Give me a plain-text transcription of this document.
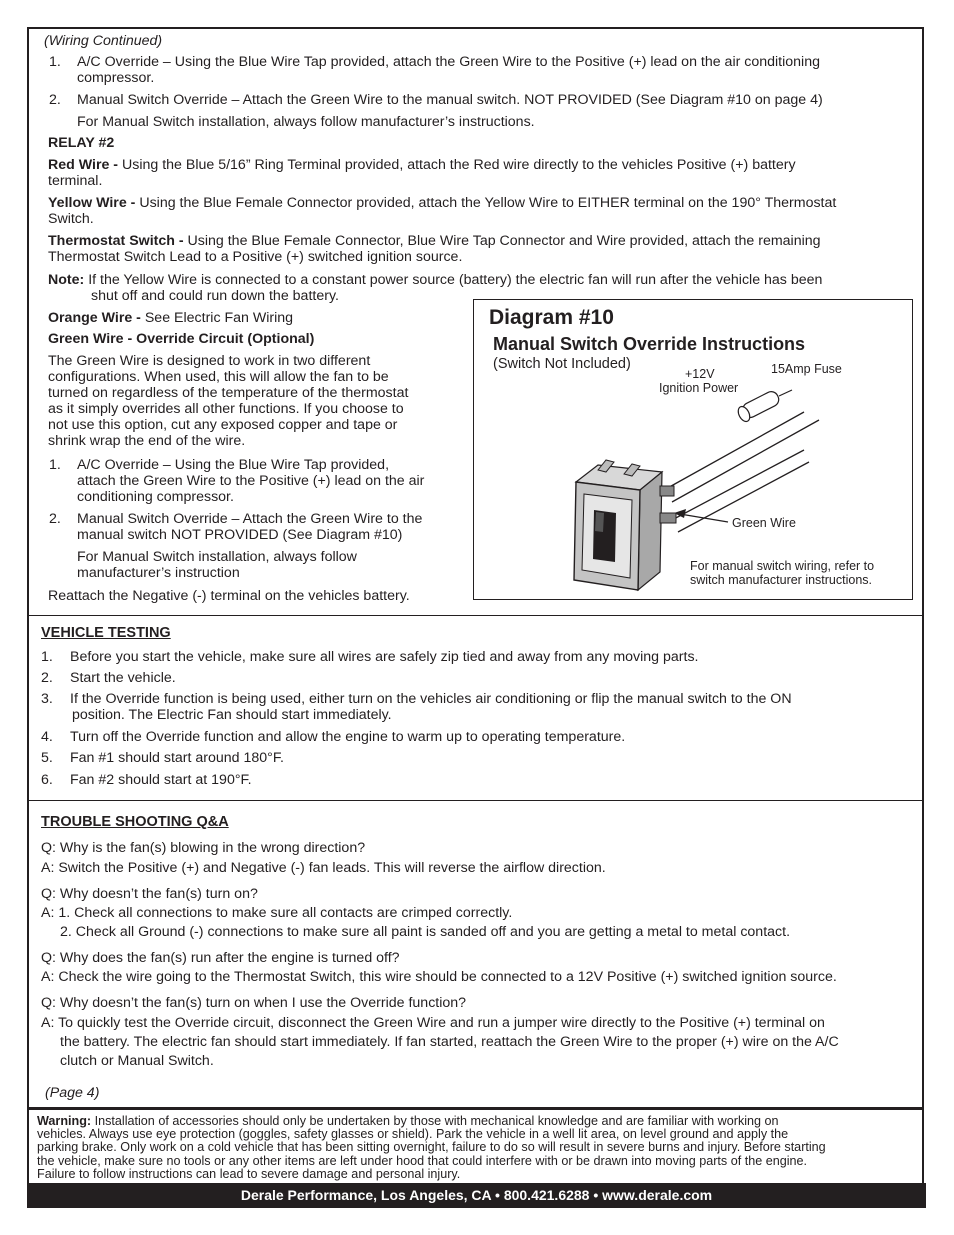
(Wiring Continued)
1. A/C Override – Using the Blue Wire Tap provided, attach the Green Wire to the Positive (+) lead on the air conditioning
compressor.
2. Manual Switch Override – Attach the Green Wire to the manual switch. NOT PROVIDED (See Diagram #10 on page 4)
For Manual Switch installation, always follow manufacturer’s instructions.
RELAY #2
Red Wire - Using the Blue 5/16” Ring Terminal provided, attach the Red wire directly to the vehicles Positive (+) battery
terminal.
Yellow Wire - Using the Blue Female Connector provided, attach the Yellow Wire to EITHER terminal on the 190° Thermostat
Switch.
Thermostat Switch - Using the Blue Female Connector, Blue Wire Tap Connector and Wire provided, attach the remaining
Thermostat Switch Lead to a Positive (+) switched ignition source.
Note: If the Yellow Wire is connected to a constant power source (battery) the electric fan will run after the vehicle has been
shut off and could run down the battery.
Orange Wire - See Electric Fan Wiring
Green Wire - Override Circuit (Optional)
The Green Wire is designed to work in two different
configurations. When used, this will allow the fan to be
turned on regardless of the temperature of the thermostat
as it simply overrides all other functions. If you choose to
not use this option, cut any exposed copper and tape or
shrink wrap the end of the wire.
1. A/C Override – Using the Blue Wire Tap provided,
attach the Green Wire to the Positive (+) lead on the air
conditioning compressor.
2. Manual Switch Override – Attach the Green Wire to the
manual switch NOT PROVIDED (See Diagram #10)
For Manual Switch installation, always follow
manufacturer’s instruction
Reattach the Negative (-) terminal on the vehicles battery.
Diagram #10
Manual Switch Override Instructions
(Switch Not Included)
+12V
Ignition Power
15Amp Fuse
Green Wire
For manual switch wiring, refer to
switch manufacturer instructions.
VEHICLE TESTING
1. Before you start the vehicle, make sure all wires are safely zip tied and away from any moving parts.
2. Start the vehicle.
3. If the Override function is being used, either turn on the vehicles air conditioning or flip the manual switch to the ON
position. The Electric Fan should start immediately.
4. Turn off the Override function and allow the engine to warm up to operating temperature.
5. Fan #1 should start around 180°F.
6. Fan #2 should start at 190°F.
TROUBLE SHOOTING Q&A
Q: Why is the fan(s) blowing in the wrong direction?
A: Switch the Positive (+) and Negative (-) fan leads. This will reverse the airflow direction.
Q: Why doesn’t the fan(s) turn on?
A: 1. Check all connections to make sure all contacts are crimped correctly.
2. Check all Ground (-) connections to make sure all paint is sanded off and you are getting a metal to metal contact.
Q: Why does the fan(s) run after the engine is turned off?
A: Check the wire going to the Thermostat Switch, this wire should be connected to a 12V Positive (+) switched ignition source.
Q: Why doesn’t the fan(s) turn on when I use the Override function?
A: To quickly test the Override circuit, disconnect the Green Wire and run a jumper wire directly to the Positive (+) terminal on
the battery. The electric fan should start immediately. If fan started, reattach the Green Wire to the proper (+) wire on the A/C
clutch or Manual Switch.
(Page 4)
Warning: Installation of accessories should only be undertaken by those with mechanical knowledge and are familiar with working on
vehicles. Always use eye protection (goggles, safety glasses or shield). Park the vehicle in a well lit area, on level ground and apply the
parking brake. Only work on a cold vehicle that has been sitting overnight, failure to do so will result in severe burns and injury. Before starting
the vehicle, make sure no tools or any other items are left under hood that could interfere with or be drawn into moving parts of the engine.
Failure to follow instructions can lead to severe damage and personal injury.
Derale Performance, Los Angeles, CA • 800.421.6288 • www.derale.com
